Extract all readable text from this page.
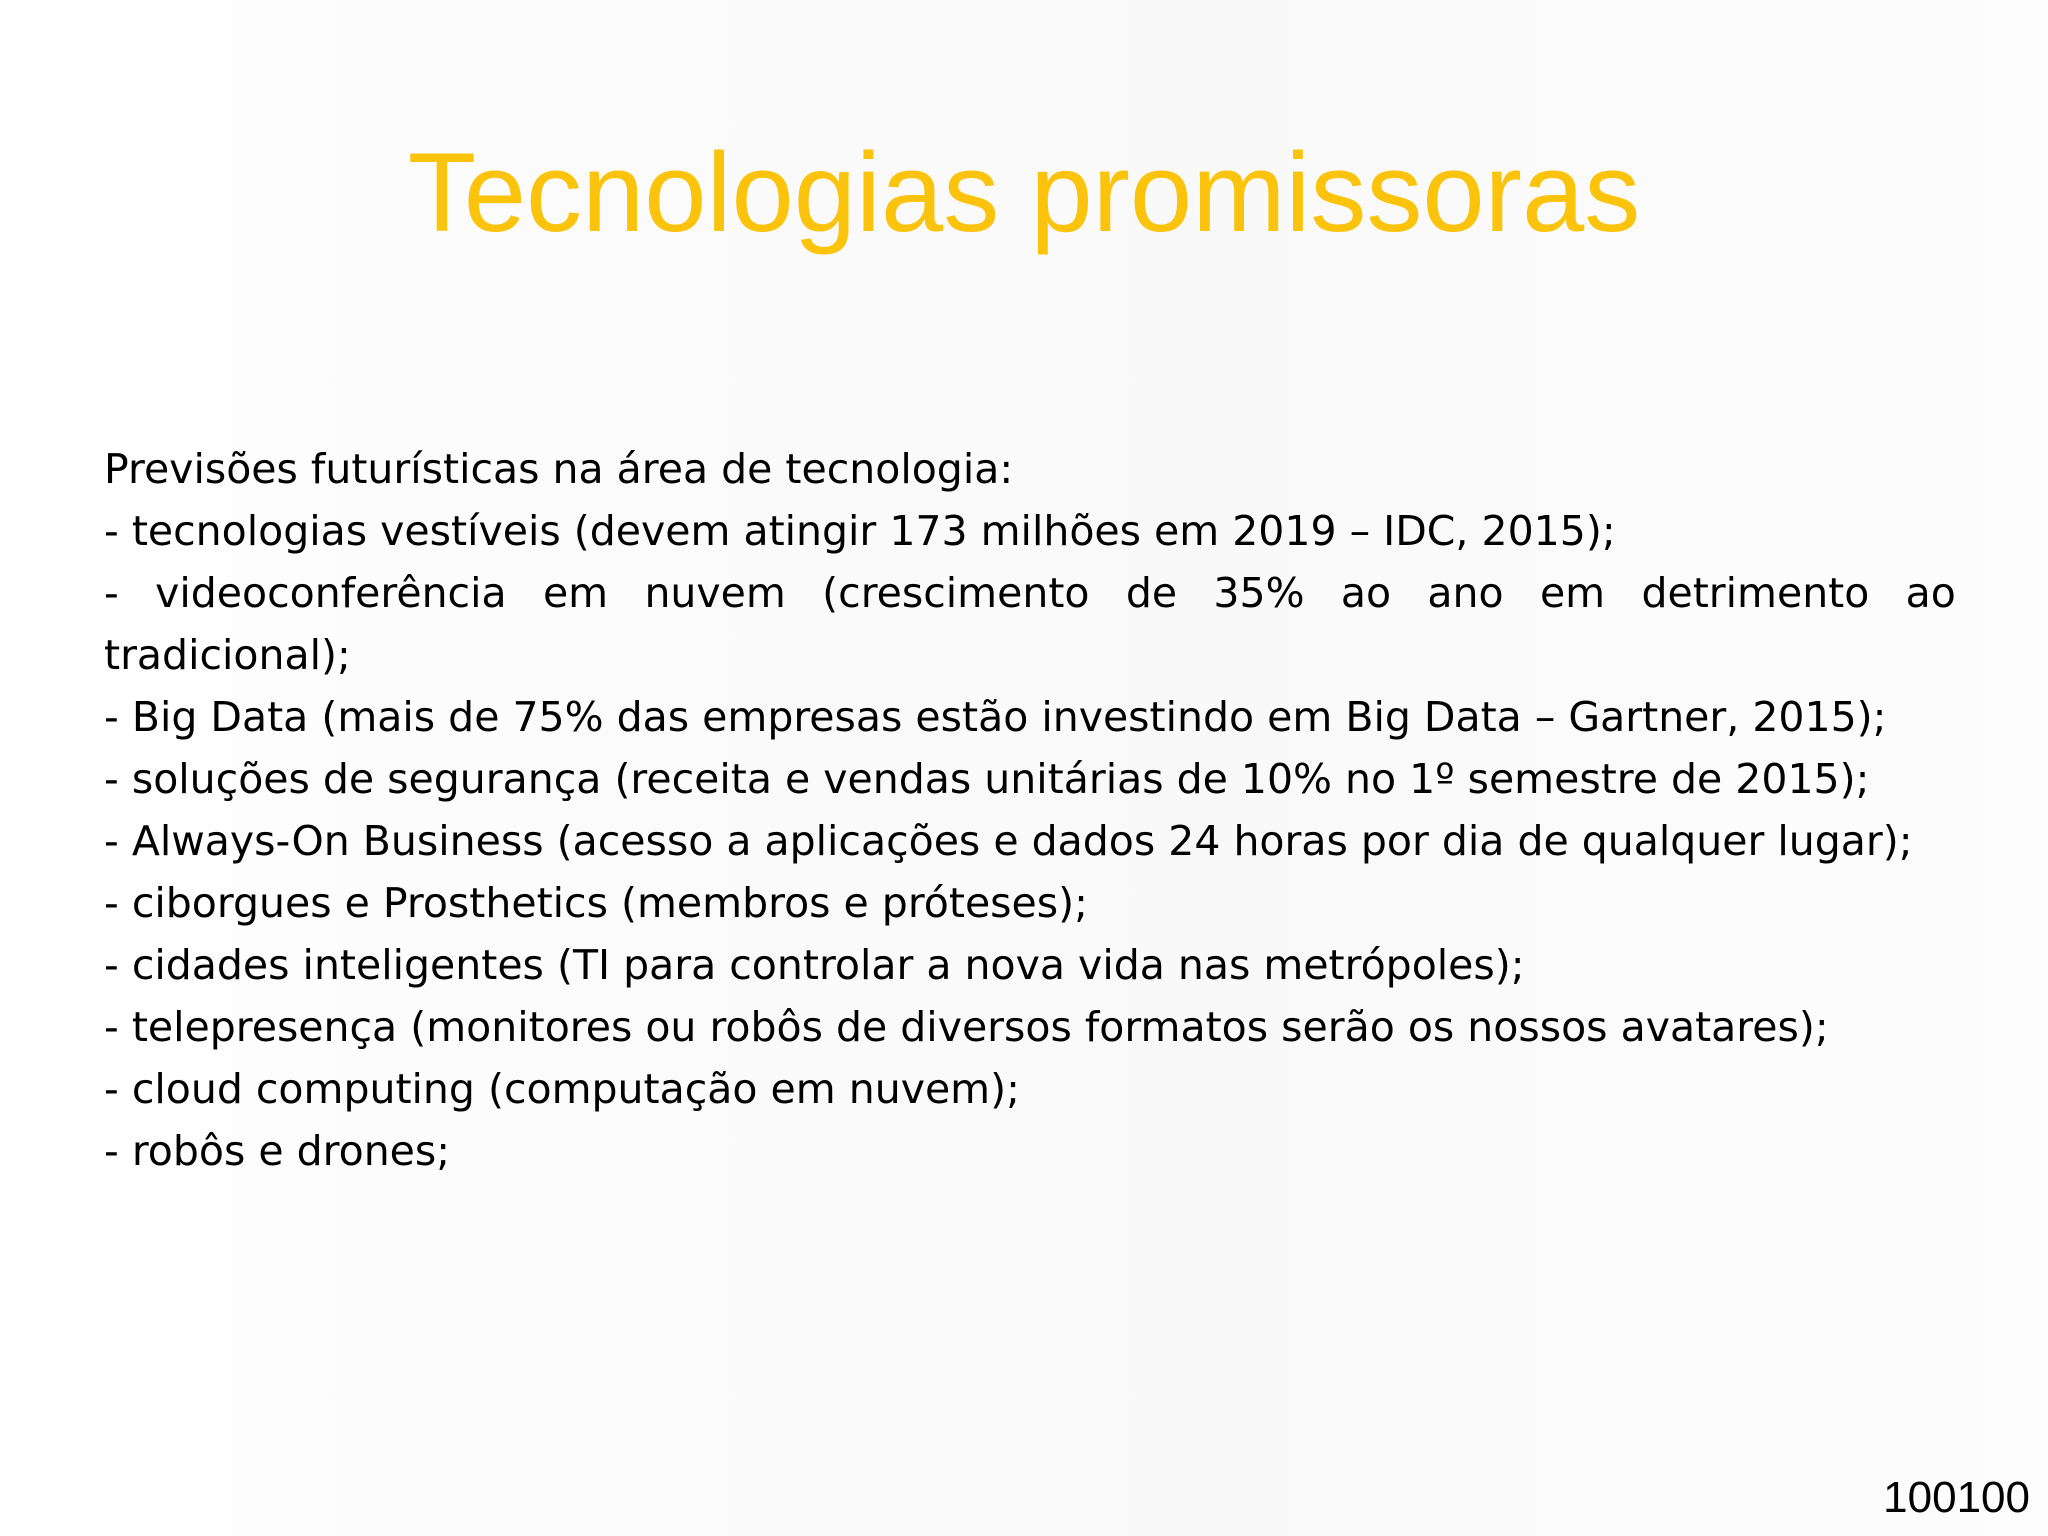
Tecnologias promissoras
Previsões futurísticas na área de tecnologia:
- tecnologias vestíveis (devem atingir 173 milhões em 2019 – IDC, 2015);
- videoconferência em nuvem (crescimento de 35% ao ano em detrimento ao
tradicional);
- Big Data (mais de 75% das empresas estão investindo em Big Data – Gartner, 2015);
- soluções de segurança (receita e vendas unitárias de 10% no 1º semestre de 2015);
- Always-On Business (acesso a aplicações e dados 24 horas por dia de qualquer lugar);
- ciborgues e Prosthetics (membros e próteses);
- cidades inteligentes (TI para controlar a nova vida nas metrópoles);
- telepresença (monitores ou robôs de diversos formatos serão os nossos avatares);
- cloud computing (computação em nuvem);
- robôs e drones;
100100
